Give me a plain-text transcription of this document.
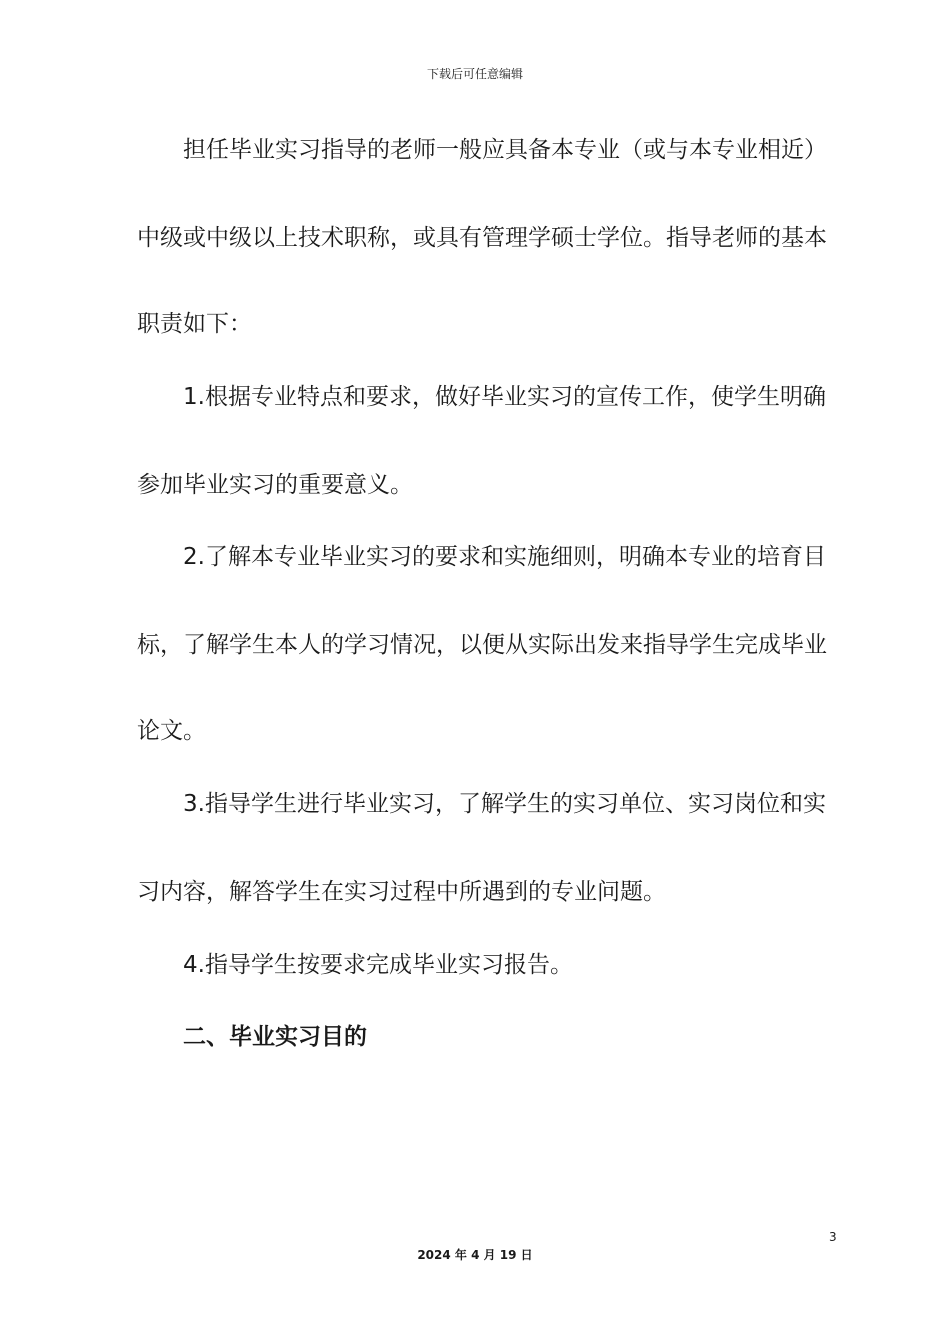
下载后可任意编辑
担任毕业实习指导的老师一般应具备本专业（或与本专业相近）
中级或中级以上技术职称，或具有管理学硕士学位。指导老师的基本
职责如下：
1.根据专业特点和要求，做好毕业实习的宣传工作，使学生明确
参加毕业实习的重要意义。
2.了解本专业毕业实习的要求和实施细则，明确本专业的培育目
标，了解学生本人的学习情况，以便从实际出发来指导学生完成毕业
论文。
3.指导学生进行毕业实习，了解学生的实习单位、实习岗位和实
习内容，解答学生在实习过程中所遇到的专业问题。
4.指导学生按要求完成毕业实习报告。
二、毕业实习目的
3
2024 年 4 月 19 日
